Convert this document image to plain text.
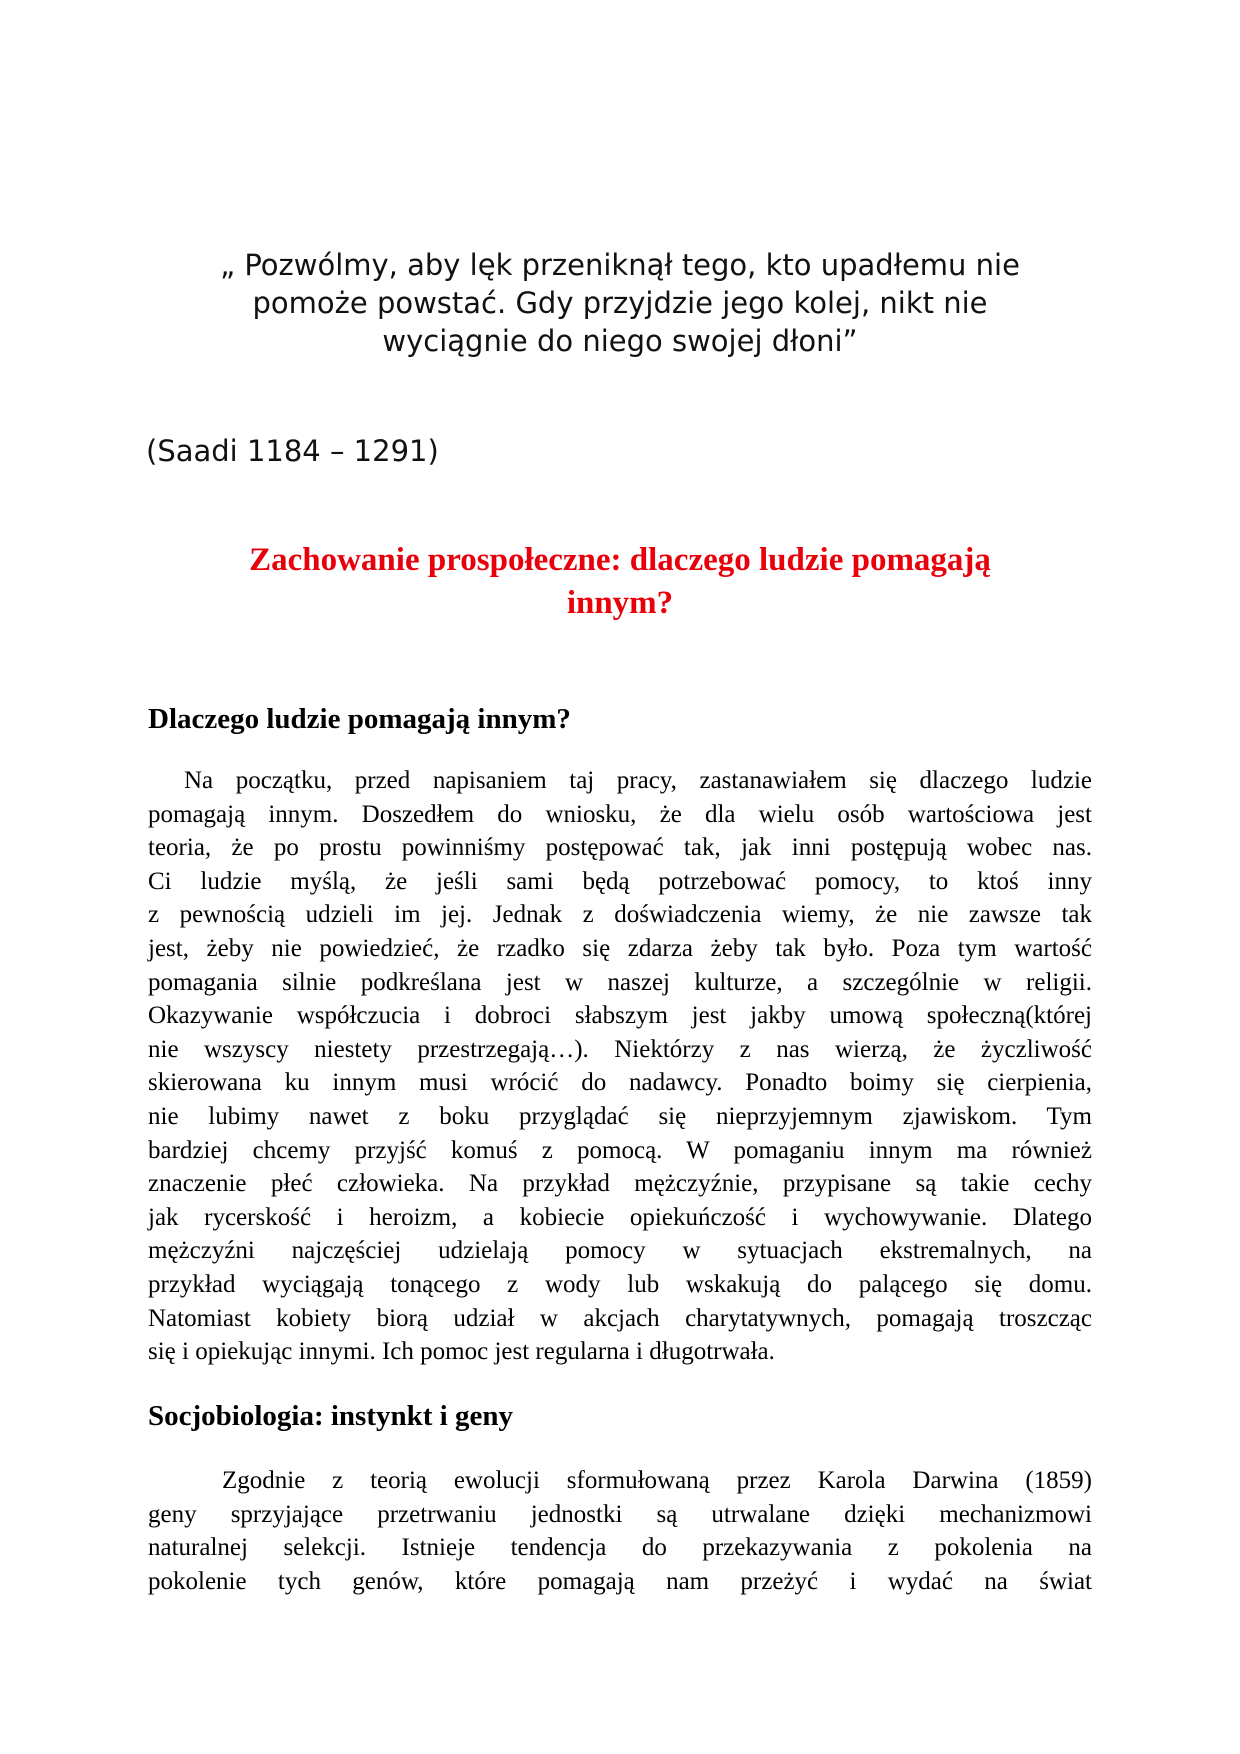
„ Pozwólmy, aby lęk przeniknął tego, kto upadłemu nie
pomoże powstać. Gdy przyjdzie jego kolej, nikt nie
wyciągnie do niego swojej dłoni”
(Saadi 1184 – 1291)
Zachowanie prospołeczne: dlaczego ludzie pomagają
innym?
Dlaczego ludzie pomagają innym?
Na początku, przed napisaniem taj pracy, zastanawiałem się dlaczego ludzie
pomagają innym. Doszedłem do wniosku, że dla wielu osób wartościowa jest
teoria, że po prostu powinniśmy postępować tak, jak inni postępują wobec nas.
Ci ludzie myślą, że jeśli sami będą potrzebować pomocy, to ktoś inny
z pewnością udzieli im jej. Jednak z doświadczenia wiemy, że nie zawsze tak
jest, żeby nie powiedzieć, że rzadko się zdarza żeby tak było. Poza tym wartość
pomagania silnie podkreślana jest w naszej kulturze, a szczególnie w religii.
Okazywanie współczucia i dobroci słabszym jest jakby umową społeczną(której
nie wszyscy niestety przestrzegają…). Niektórzy z nas wierzą, że życzliwość
skierowana ku innym musi wrócić do nadawcy. Ponadto boimy się cierpienia,
nie lubimy nawet z boku przyglądać się nieprzyjemnym zjawiskom. Tym
bardziej chcemy przyjść komuś z pomocą. W pomaganiu innym ma również
znaczenie płeć człowieka. Na przykład mężczyźnie, przypisane są takie cechy
jak rycerskość i heroizm, a kobiecie opiekuńczość i wychowywanie. Dlatego
mężczyźni najczęściej udzielają pomocy w sytuacjach ekstremalnych, na
przykład wyciągają tonącego z wody lub wskakują do palącego się domu.
Natomiast kobiety biorą udział w akcjach charytatywnych, pomagają troszcząc
się i opiekując innymi. Ich pomoc jest regularna i długotrwała.
Socjobiologia: instynkt i geny
Zgodnie z teorią ewolucji sformułowaną przez Karola Darwina (1859)
geny sprzyjające przetrwaniu jednostki są utrwalane dzięki mechanizmowi
naturalnej selekcji. Istnieje tendencja do przekazywania z pokolenia na
pokolenie tych genów, które pomagają nam przeżyć i wydać na świat
